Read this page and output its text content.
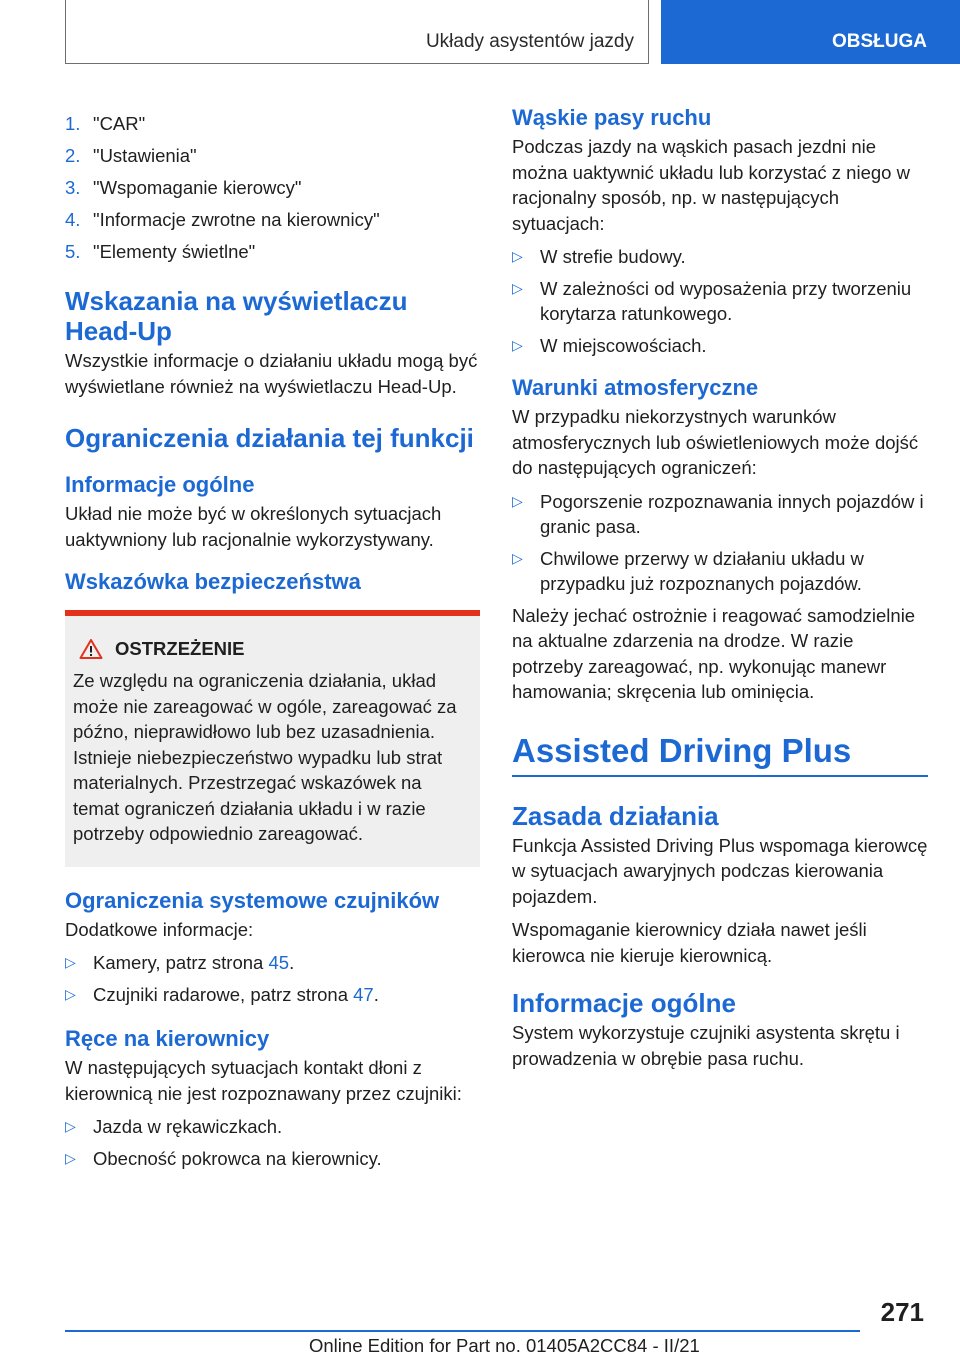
Układy asystentów jazdy	OBSŁUGA
1. "CAR"
2. "Ustawienia"
3. "Wspomaganie kierowcy"
4. "Informacje zwrotne na kierownicy"
5. "Elementy świetlne"
Wskazania na wyświetlaczu Head-Up

Wszystkie informacje o działaniu układu mogą być wyświetlane również na wyświetlaczu Head-Up.

Ograniczenia działania tej funkcji
Informacje ogólne

Układ nie może być w określonych sytuacjach uaktywniony lub racjonalnie wykorzystywany.

Wskazówka bezpieczeństwa
OSTRZEŻENIE

Ze względu na ograniczenia działania, układ może nie zareagować w ogóle, zareagować za późno, nieprawidłowo lub bez uzasadnienia. Istnieje niebezpieczeństwo wypadku lub strat materialnych. Przestrzegać wskazówek na temat ograniczeń działania układu i w razie potrzeby odpowiednio zareagować.

Ograniczenia systemowe czujników

Dodatkowe informacje:

▷ Kamery, patrz strona 45.
▷ Czujniki radarowe, patrz strona 47.
Ręce na kierownicy

W następujących sytuacjach kontakt dłoni z kierownicą nie jest rozpoznawany przez czujniki:

▷ Jazda w rękawiczkach.
▷ Obecność pokrowca na kierownicy.
Wąskie pasy ruchu

Podczas jazdy na wąskich pasach jezdni nie można uaktywnić układu lub korzystać z niego w racjonalny sposób, np. w następujących sytuacjach:

▷ W strefie budowy.
▷ W zależności od wyposażenia przy tworzeniu korytarza ratunkowego.
▷ W miejscowościach.
Warunki atmosferyczne

W przypadku niekorzystnych warunków atmosferycznych lub oświetleniowych może dojść do następujących ograniczeń:

▷ Pogorszenie rozpoznawania innych pojazdów i granic pasa.
▷ Chwilowe przerwy w działaniu układu w przypadku już rozpoznanych pojazdów.

Należy jechać ostrożnie i reagować samodzielnie na aktualne zdarzenia na drodze. W razie potrzeby zareagować, np. wykonując manewr hamowania; skręcenia lub ominięcia.

Assisted Driving Plus
Zasada działania

Funkcja Assisted Driving Plus wspomaga kierowcę w sytuacjach awaryjnych podczas kierowania pojazdem.

Wspomaganie kierownicy działa nawet jeśli kierowca nie kieruje kierownicą.

Informacje ogólne

System wykorzystuje czujniki asystenta skrętu i prowadzenia w obrębie pasa ruchu.

271
Online Edition for Part no. 01405A2CC84 - II/21
